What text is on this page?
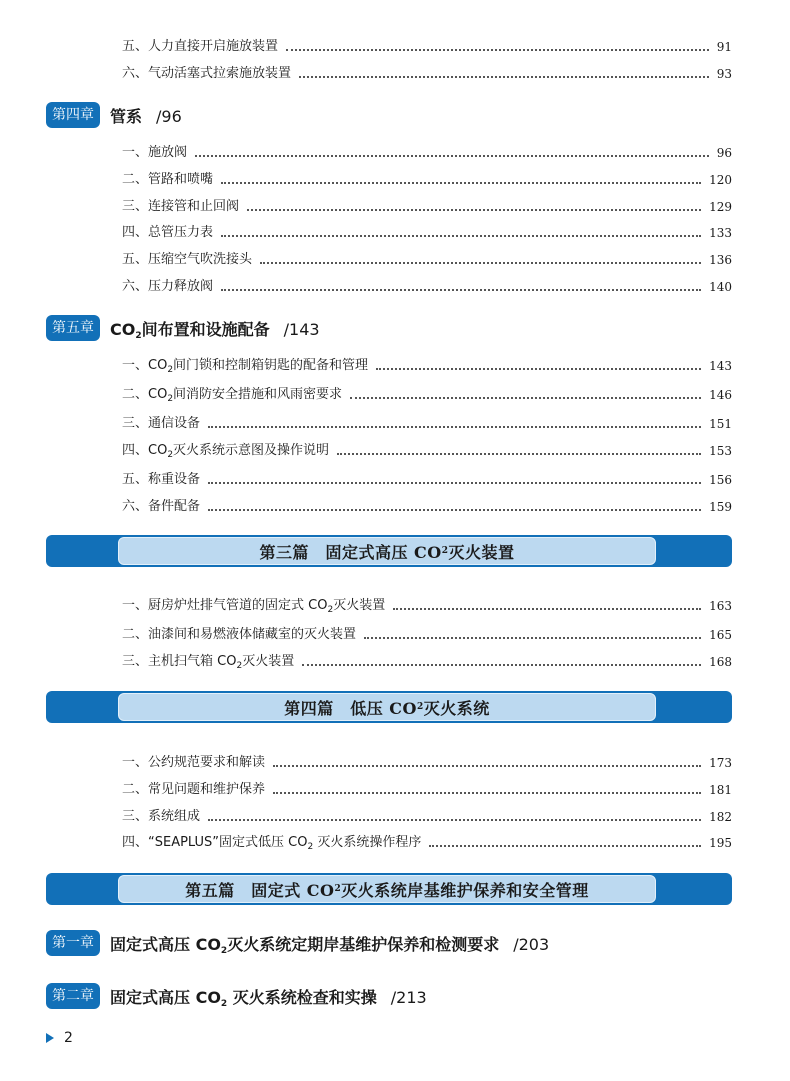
五、人力直接开启施放装置	91
六、气动活塞式拉索施放装置	93
第四章	管系 /96
一、施放阀	96
二、管路和喷嘴	120
三、连接管和止回阀	129
四、总管压力表	133
五、压缩空气吹洗接头	136
六、压力释放阀	140
第五章	$CO_2$间布置和设施配备 /143
一、$CO_2$间门锁和控制箱钥匙的配备和管理	143
二、$CO_2$间消防安全措施和风雨密要求	146
三、通信设备	151
四、$CO_2$灭火系统示意图及操作说明	153
五、称重设备	156
六、备件配备	159
第三篇　固定式高压 CO 2 灭火装置
一、厨房炉灶排气管道的固定式 $CO_2$灭火装置	163
二、油漆间和易燃液体储藏室的灭火装置	165
三、主机扫气箱 $CO_2$灭火装置	168
第四篇　低压 CO 2 灭火系统
一、公约规范要求和解读	173
二、常见问题和维护保养	181
三、系统组成	182
四、“SEAPLUS”固定式低压 $CO_2$ 灭火系统操作程序	195
第五篇　固定式 CO 2 灭火系统岸基维护保养和安全管理
第一章	固定式高压 $CO_2$灭火系统定期岸基维护保养和检测要求 /203
第二章	固定式高压 $CO_2$ 灭火系统检查和实操 /213
2
